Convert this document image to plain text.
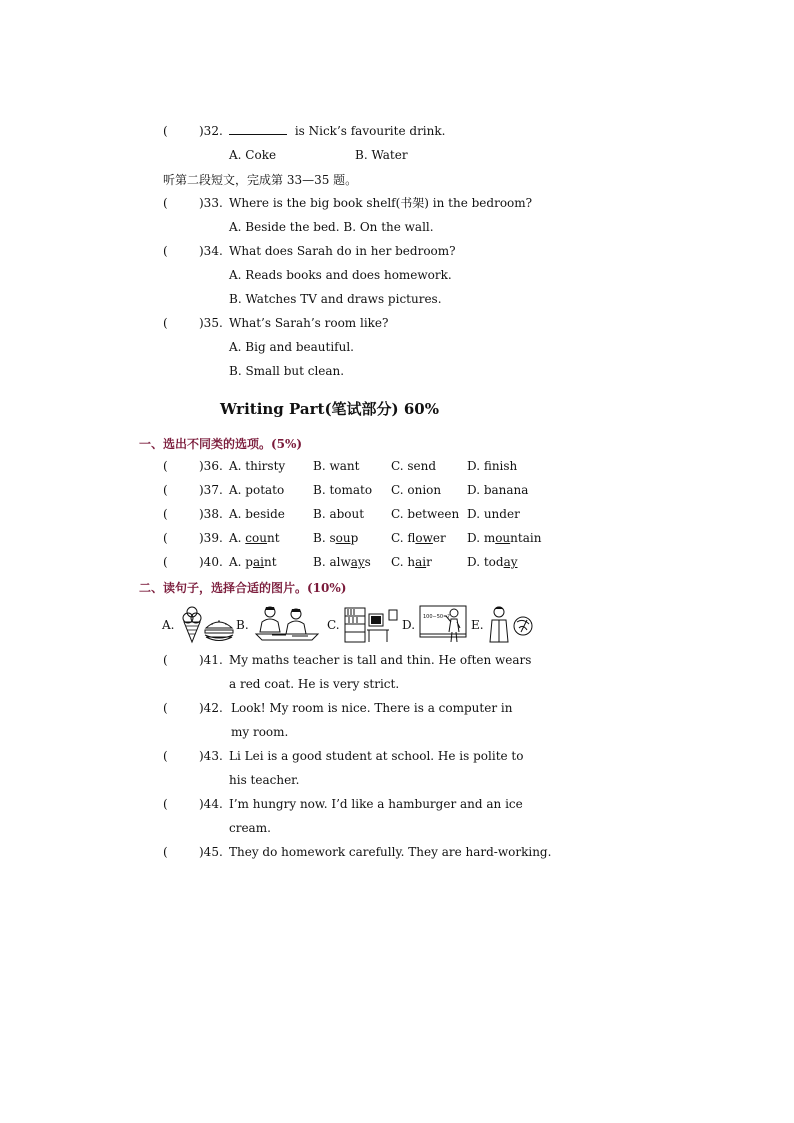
(	)32.	is Nick’s favourite drink.
A. Coke	B. Water
听第二段短文，完成第 33—35 题。
(	)33. Where is the big book shelf(书架) in the bedroom?
A. Beside the bed. B. On the wall.
(	)34. What does Sarah do in her bedroom?
A. Reads books and does homework.
B. Watches TV and draws pictures.
(	)35. What’s Sarah’s room like?
A. Big and beautiful.
B. Small but clean.
Writing Part(笔试部分) 60%
一、选出不同类的选项。(5%)
(	)36. A. thirsty B. want	C. send	D. finish
(	)37. A. potato B. tomato C. onion D. banana
(	)38. A. beside B. about C. between D. under
(	)39. A. count	B. soup	C. flower D. mountain
(	)40. A. paint	B. always C. hair	D. today
二、读句子，选择合适的图片。(10%)
A.	B.	C.	D.
100−50=?
E.
(	)41. My maths teacher is tall and thin. He often wears
a red coat. He is very strict.
(	)42. Look! My room is nice. There is a computer in
my room.
(	)43. Li Lei is a good student at school. He is polite to
his teacher.
(	)44. I’m hungry now. I’d like a hamburger and an ice
cream.
(	)45. They do homework carefully. They are hard-working.
